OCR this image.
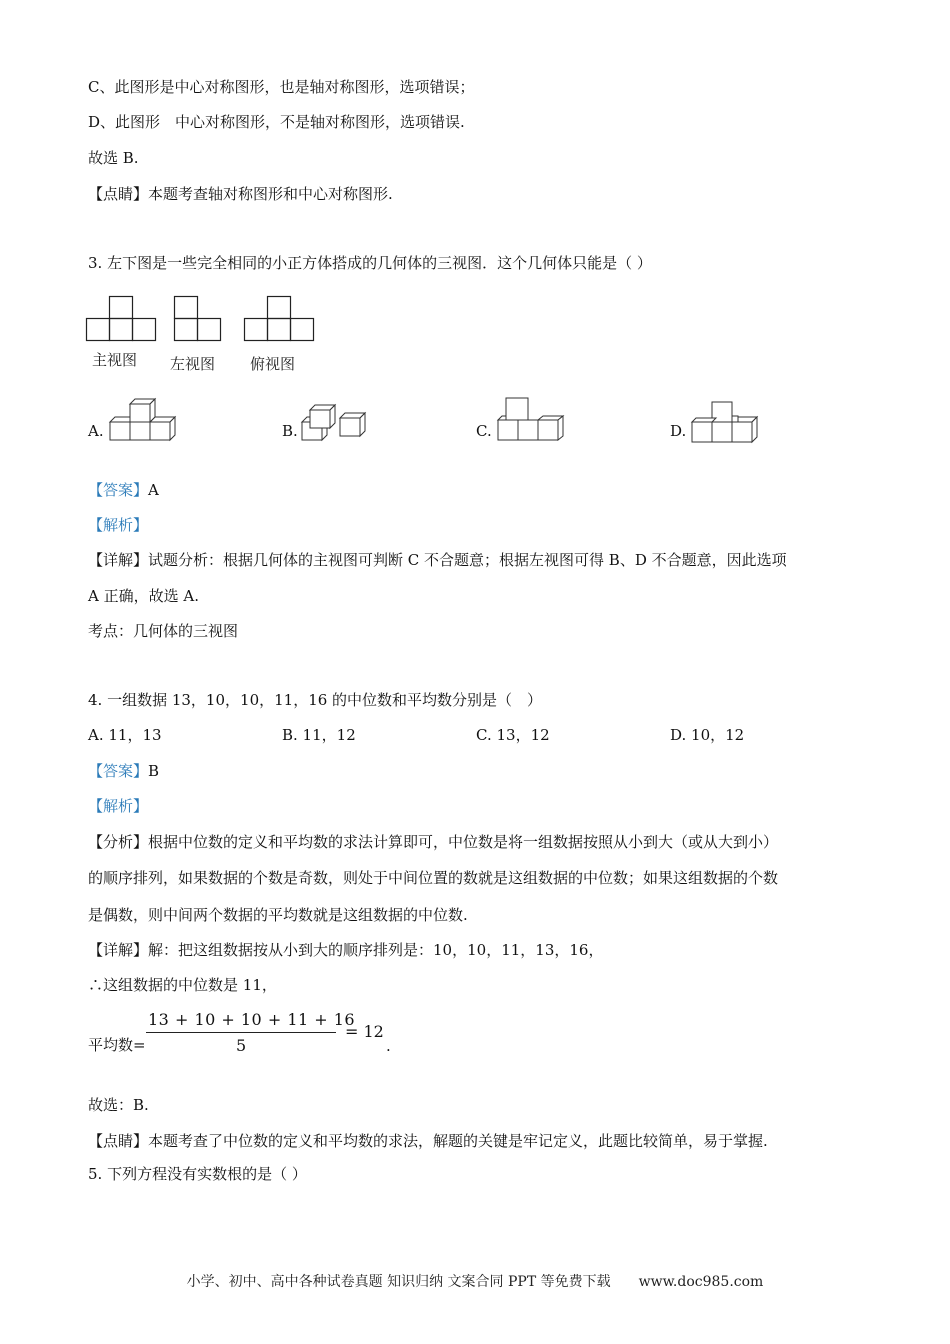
C、此图形是中心对称图形，也是轴对称图形，选项错误；
D、此图形　中心对称图形，不是轴对称图形，选项错误.
故选 B.
【点睛】本题考查轴对称图形和中心对称图形.
3. 左下图是一些完全相同的小正方体搭成的几何体的三视图．这个几何体只能是（ ）
主视图 左视图 俯视图
A.	B.	C.	D.
【答案】A
【解析】
【详解】试题分析：根据几何体的主视图可判断 C 不合题意；根据左视图可得 B、D 不合题意，因此选项
A 正确，故选 A.
考点：几何体的三视图
4. 一组数据 13，10，10，11，16 的中位数和平均数分别是（　）
A. 11，13	B. 11，12	C. 13，12	D. 10，12
【答案】B
【解析】
【分析】根据中位数的定义和平均数的求法计算即可，中位数是将一组数据按照从小到大（或从大到小）
的顺序排列，如果数据的个数是奇数，则处于中间位置的数就是这组数据的中位数；如果这组数据的个数
是偶数，则中间两个数据的平均数就是这组数据的中位数.
【详解】解：把这组数据按从小到大的顺序排列是：10，10，11，13，16，
∴这组数据的中位数是 11，
平均数=
13 + 10 + 10 + 11 + 16
5
= 12
.
故选：B.
【点睛】本题考查了中位数的定义和平均数的求法，解题的关键是牢记定义，此题比较简单，易于掌握.
5. 下列方程没有实数根的是（ ）
小学、初中、高中各种试卷真题 知识归纳 文案合同 PPT 等免费下载　　www.doc985.com
